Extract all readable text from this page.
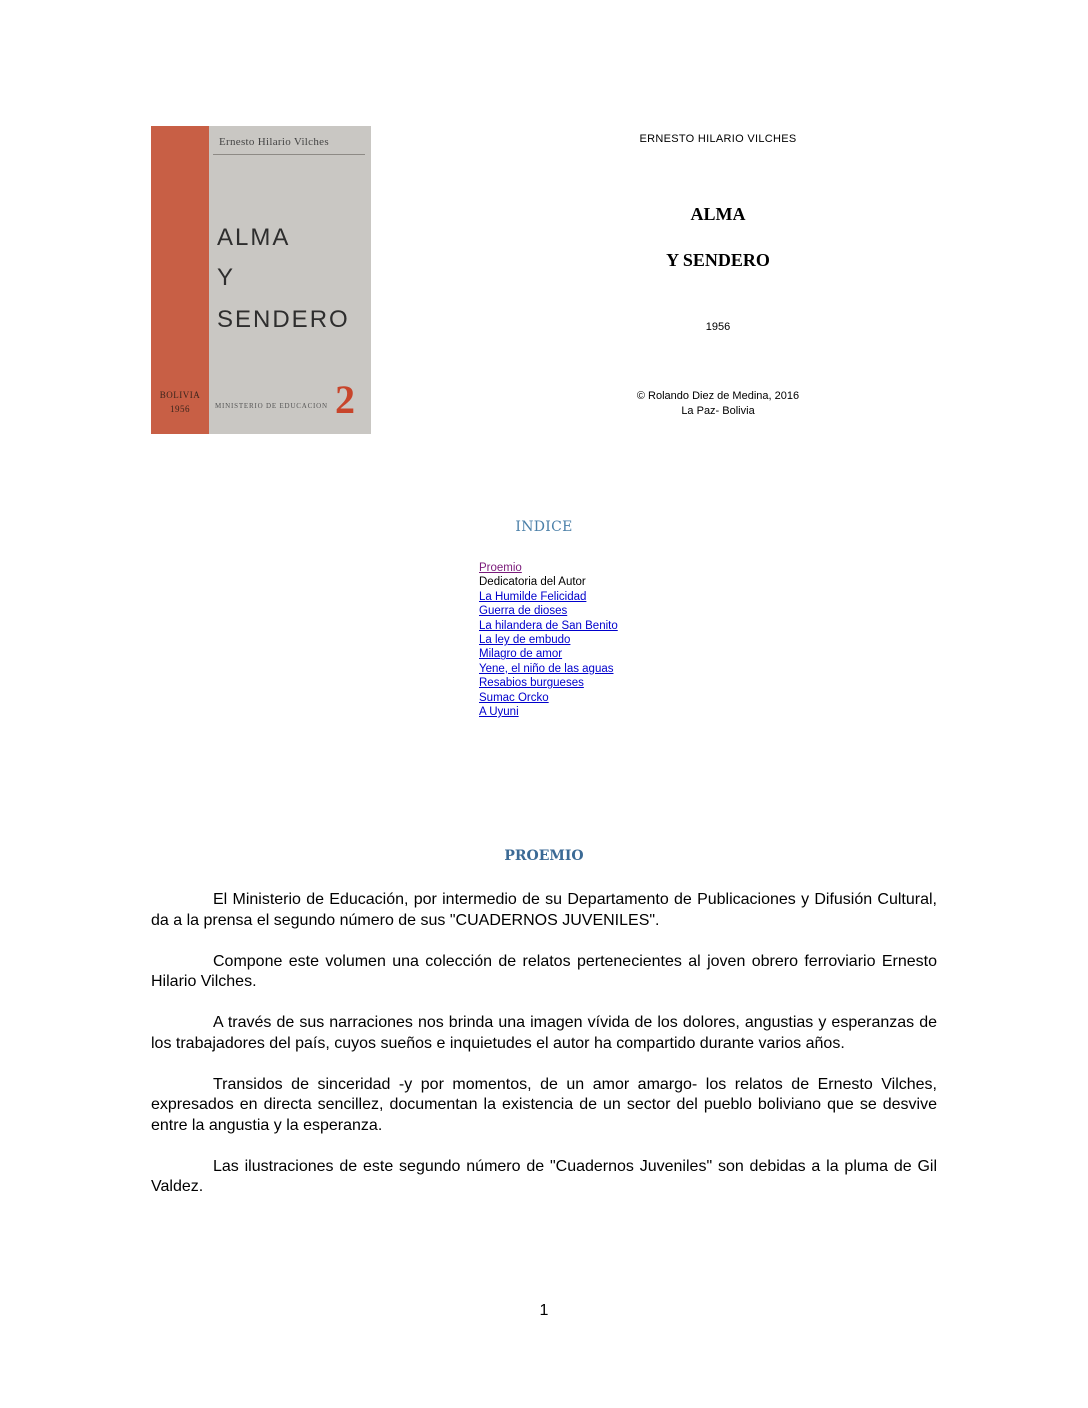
BOLIVIA
1956
Ernesto Hilario Vilches
ALMA
Y
SENDERO
MINISTERIO DE EDUCACION 2
ERNESTO HILARIO VILCHES
ALMA
Y SENDERO
1956
© Rolando Diez de Medina, 2016
La Paz- Bolivia
INDICE
Proemio
Dedicatoria del Autor
La Humilde Felicidad
Guerra de dioses
La hilandera de San Benito
La ley de embudo
Milagro de amor
Yene, el niño de las aguas
Resabios burgueses
Sumac Orcko
A Uyuni
PROEMIO

El Ministerio de Educación, por intermedio de su Departamento de Publicaciones y Difusión Cultural, da a la prensa el segundo número de sus "CUADERNOS JUVENILES".

Compone este volumen una colección de relatos pertenecientes al joven obrero ferroviario Ernesto Hilario Vilches.

A través de sus narraciones nos brinda una imagen vívida de los dolores, angustias y esperanzas de los trabajadores del país, cuyos sueños e inquietudes el autor ha compartido durante varios años.

Transidos de sinceridad -y por momentos, de un amor amargo- los relatos de Ernesto Vilches, expresados en directa sencillez, documentan la existencia de un sector del pueblo boliviano que se desvive entre la angustia y la esperanza.

Las ilustraciones de este segundo número de "Cuadernos Juveniles" son debidas a la pluma de Gil Valdez.

1
